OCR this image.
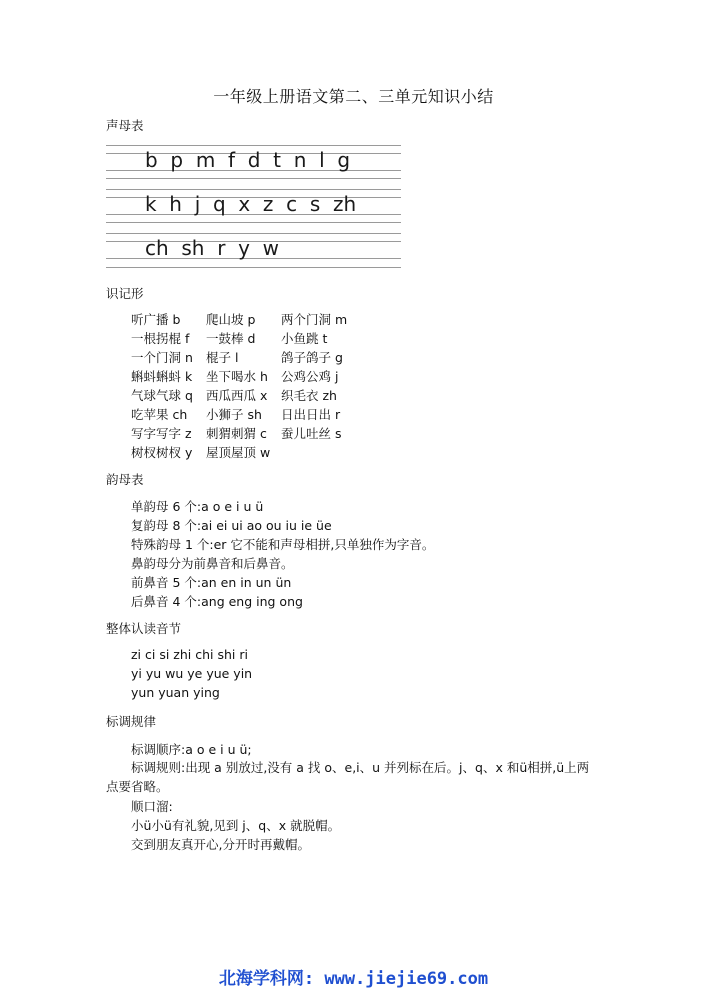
一年级上册语文第二、三单元知识小结
声母表
b  p  m  f  d  t  n  l  g
k  h  j  q  x  z  c  s  zh
ch  sh  r  y  w
识记形
听广播 b	爬山坡 p	两个门洞 m
一根拐棍 f	一鼓棒 d	小鱼跳 t
一个门洞 n	棍子 l	鸽子鸽子 g
蝌蚪蝌蚪 k	坐下喝水 h	公鸡公鸡 j
气球气球 q	西瓜西瓜 x	织毛衣 zh
吃苹果 ch	小狮子 sh	日出日出 r
写字写字 z	刺猬刺猬 c	蚕儿吐丝 s
树杈树杈 y	屋顶屋顶 w
韵母表
单韵母 6 个:a o e i u ü
复韵母 8 个:ai ei ui ao ou iu ie üe
特殊韵母 1 个:er 它不能和声母相拼,只单独作为字音。
鼻韵母分为前鼻音和后鼻音。
前鼻音 5 个:an en in un ün
后鼻音 4 个:ang eng ing ong
整体认读音节
zi ci si zhi chi shi ri
yi yu wu ye yue yin
yun yuan ying
标调规律
标调顺序:a o e i u ü;
标调规则:出现 a 别放过,没有 a 找 o、e,i、u 并列标在后。j、q、x 和ü相拼,ü上两点要省略。
顺口溜:
小ü小ü有礼貌,见到 j、q、x 就脱帽。
交到朋友真开心,分开时再戴帽。
北海学科网: www.jiejie69.com
